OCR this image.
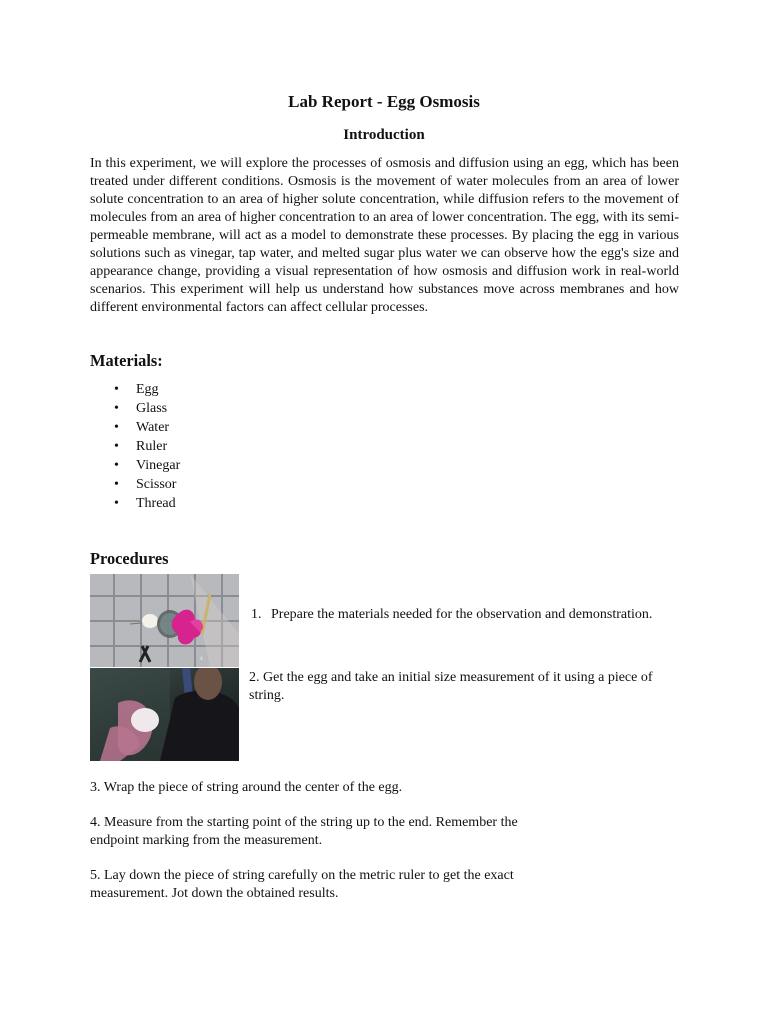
Lab Report - Egg Osmosis
Introduction

In this experiment, we will explore the processes of osmosis and diffusion using an egg, which has been treated under different conditions. Osmosis is the movement of water molecules from an area of lower solute concentration to an area of higher solute concentration, while diffusion refers to the movement of molecules from an area of higher concentration to an area of lower concentration. The egg, with its semi-permeable membrane, will act as a model to demonstrate these processes. By placing the egg in various solutions such as vinegar, tap water, and melted sugar plus water we can observe how the egg's size and appearance change, providing a visual representation of how osmosis and diffusion work in real-world scenarios. This experiment will help us understand how substances move across membranes and how different environmental factors can affect cellular processes.

Materials:
• Egg
• Glass
• Water
• Ruler
• Vinegar
• Scissor
• Thread
Procedures

1. Prepare the materials needed for the observation and demonstration.

2. Get the egg and take an initial size measurement of it using a piece of string.

3. Wrap the piece of string around the center of the egg.

4. Measure from the starting point of the string up to the end. Remember the endpoint marking from the measurement.

5. Lay down the piece of string carefully on the metric ruler to get the exact measurement. Jot down the obtained results.
